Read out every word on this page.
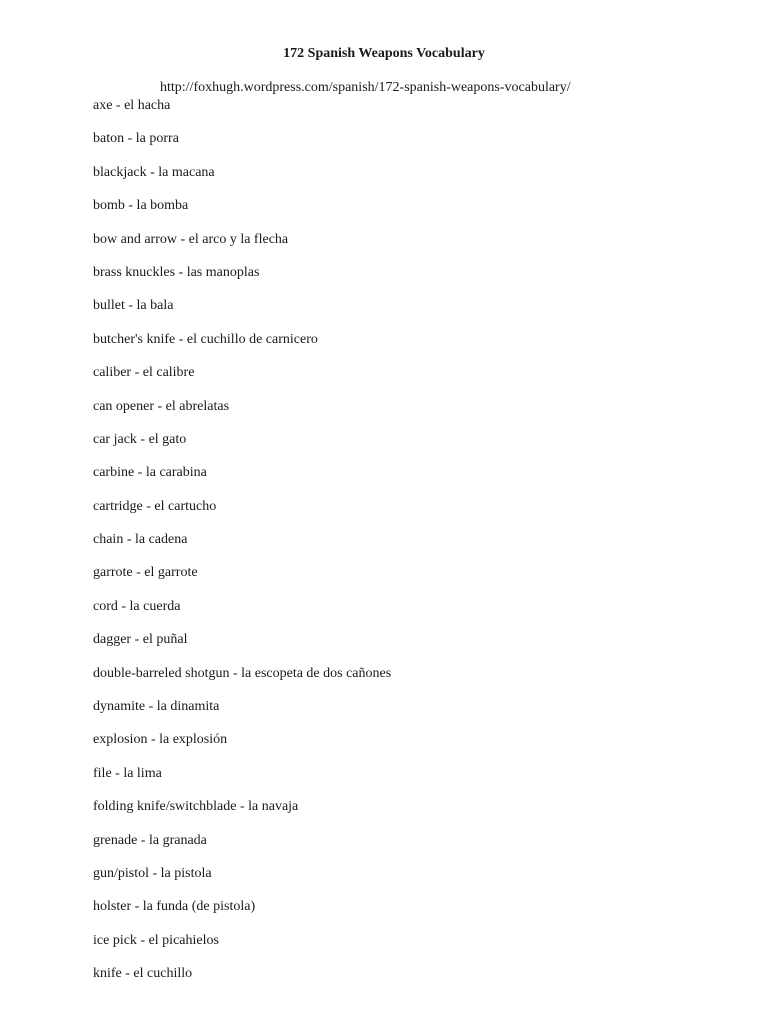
172 Spanish Weapons Vocabulary
http://foxhugh.wordpress.com/spanish/172-spanish-weapons-vocabulary/
axe - el hacha
baton - la porra
blackjack - la macana
bomb - la bomba
bow and arrow - el arco y la flecha
brass knuckles - las manoplas
bullet - la bala
butcher's knife - el cuchillo de carnicero
caliber - el calibre
can opener - el abrelatas
car jack - el gato
carbine - la carabina
cartridge - el cartucho
chain - la cadena
garrote - el garrote
cord - la cuerda
dagger - el puñal
double-barreled shotgun - la escopeta de dos cañones
dynamite - la dinamita
explosion - la explosión
file - la lima
folding knife/switchblade - la navaja
grenade - la granada
gun/pistol - la pistola
holster - la funda (de pistola)
ice pick - el picahielos
knife - el cuchillo
